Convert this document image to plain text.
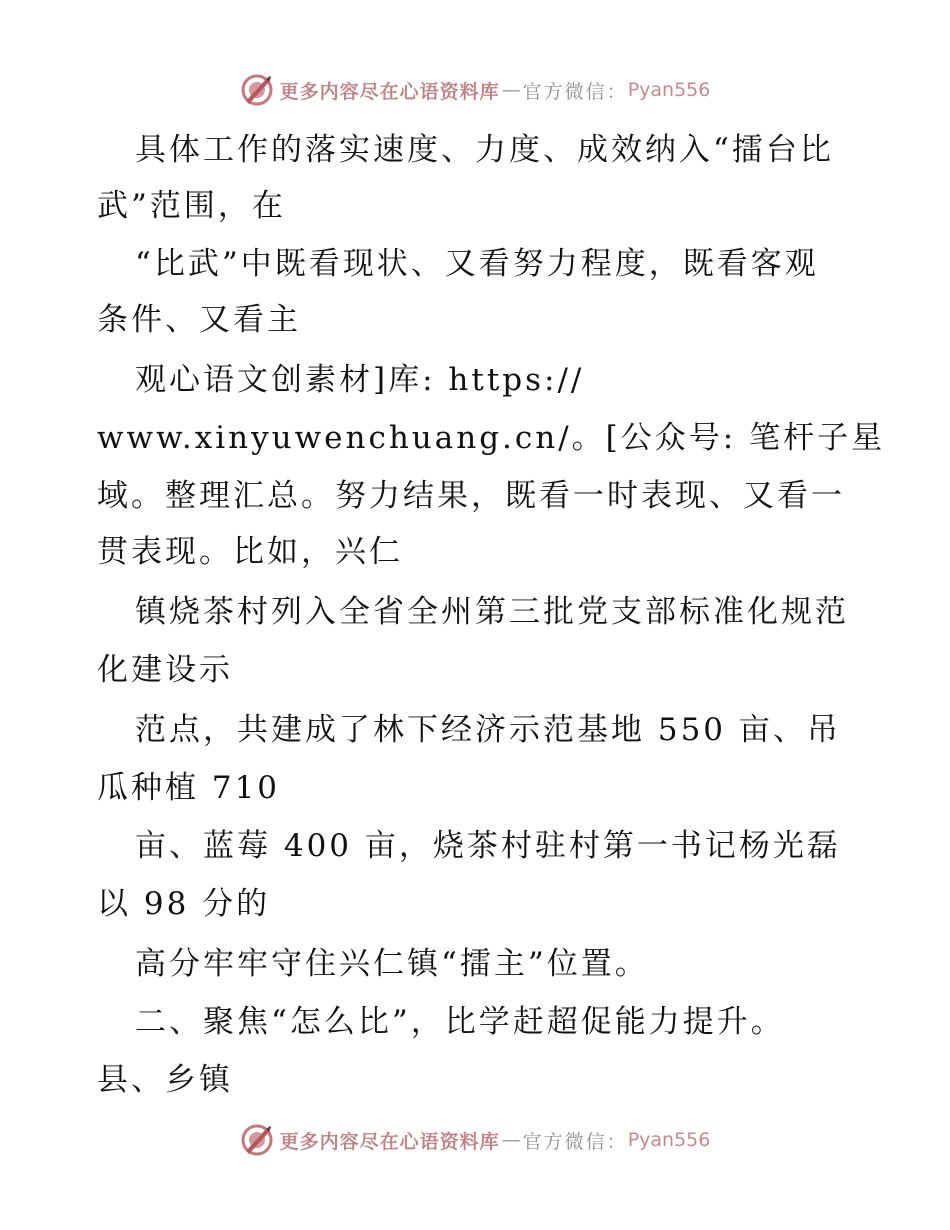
更多内容尽在心语资料库 — 官方微信： Pyan556
具体工作的落实速度、力度、成效纳入“擂台比
武”范围，在
“比武”中既看现状、又看努力程度，既看客观
条件、又看主
观心语文创素材]库: https://
www.xinyuwenchuang.cn/。[公众号: 笔杆子星
域。整理汇总。努力结果，既看一时表现、又看一
贯表现。比如，兴仁
镇烧茶村列入全省全州第三批党支部标准化规范
化建设示
范点，共建成了林下经济示范基地 550 亩、吊
瓜种植 710
亩、蓝莓 400 亩，烧茶村驻村第一书记杨光磊
以 98 分的
高分牢牢守住兴仁镇“擂主”位置。
二、聚焦“怎么比”，比学赶超促能力提升。
县、乡镇
更多内容尽在心语资料库 — 官方微信： Pyan556
